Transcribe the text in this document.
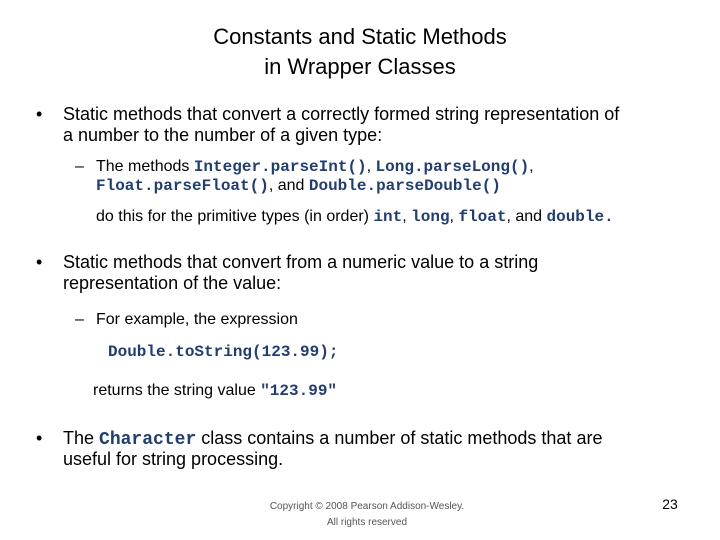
Constants and Static Methods
in Wrapper Classes
• Static methods that convert a correctly formed string representation of
a number to the number of a given type:
– The methods Integer.parseInt(), Long.parseLong(),
Float.parseFloat(), and Double.parseDouble()
do this for the primitive types (in order) int, long, float, and double.
• Static methods that convert from a numeric value to a string
representation of the value:
– For example, the expression
Double.toString(123.99);
returns the string value "123.99"
• The Character class contains a number of static methods that are
useful for string processing.
Copyright © 2008 Pearson Addison-Wesley.
All rights reserved
23
